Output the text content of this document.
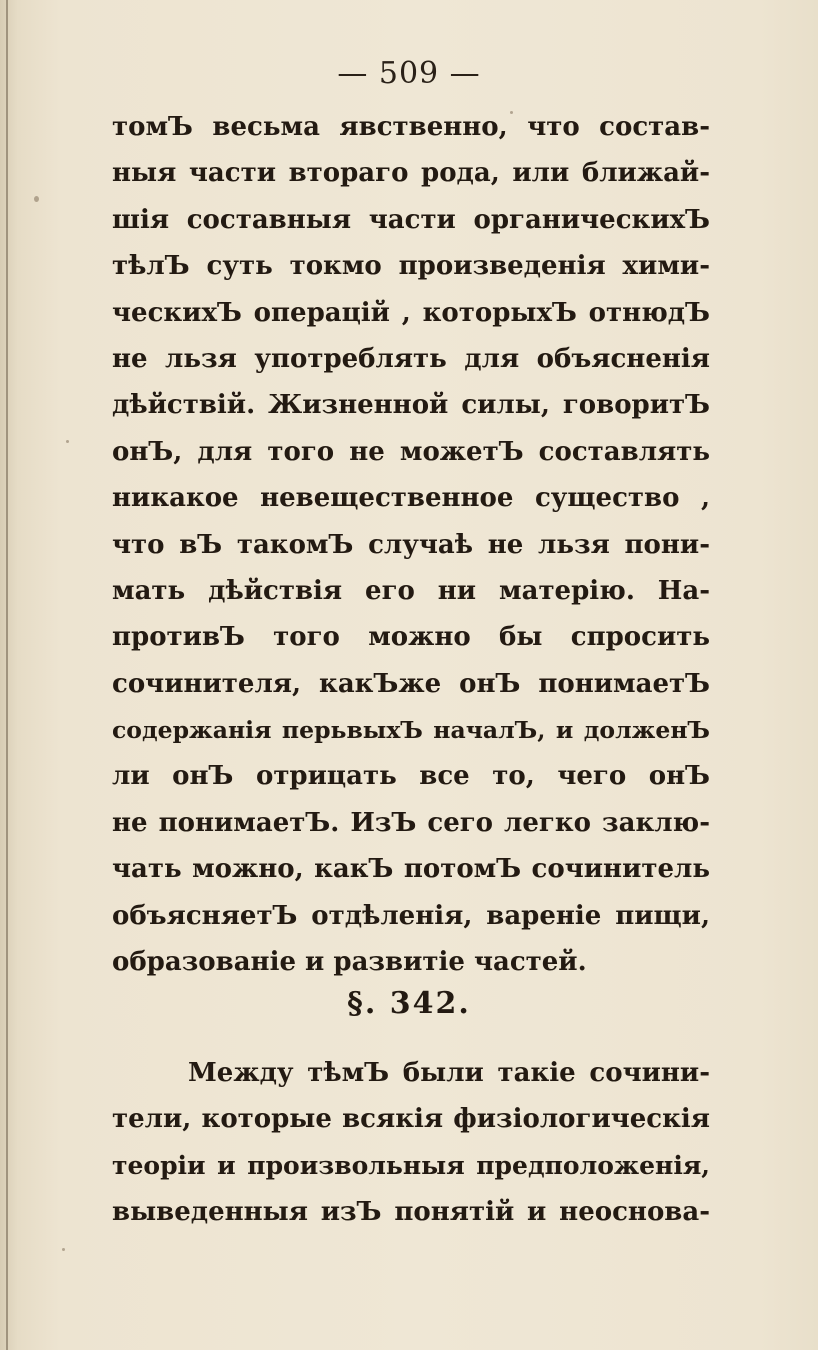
— 509 —
томЪ весьма явственно, что состав-
ныя части втораго рода, или ближай-
шія составныя части органическихЪ
тѣлЪ суть токмо произведенія хими-
ческихЪ операцій , которыхЪ отнюдЪ
не льзя употреблять для объясненія
дѣйствій. Жизненной силы, говоритЪ
онЪ, для того не можетЪ составлять
никакое невещественное существо ,
что вЪ такомЪ случаѣ не льзя пони-
мать дѣйствія его ни матерію. На-
противЪ того можно бы спросить
сочинителя, какЪже онЪ понимаетЪ
содержанія перьвыхЪ началЪ, и долженЪ
ли онЪ отрицать все то, чего онЪ
не понимаетЪ. ИзЪ сего легко заклю-
чать можно, какЪ потомЪ сочинитель
объясняетЪ отдѣленія, вареніе пищи,
образованіе и развитіе частей.
§. 342.
Между тѣмЪ были такіе сочини-
тели, которые всякія физіологическія
теоріи и произвольныя предположенія,
выведенныя изЪ понятій и неоснова-
